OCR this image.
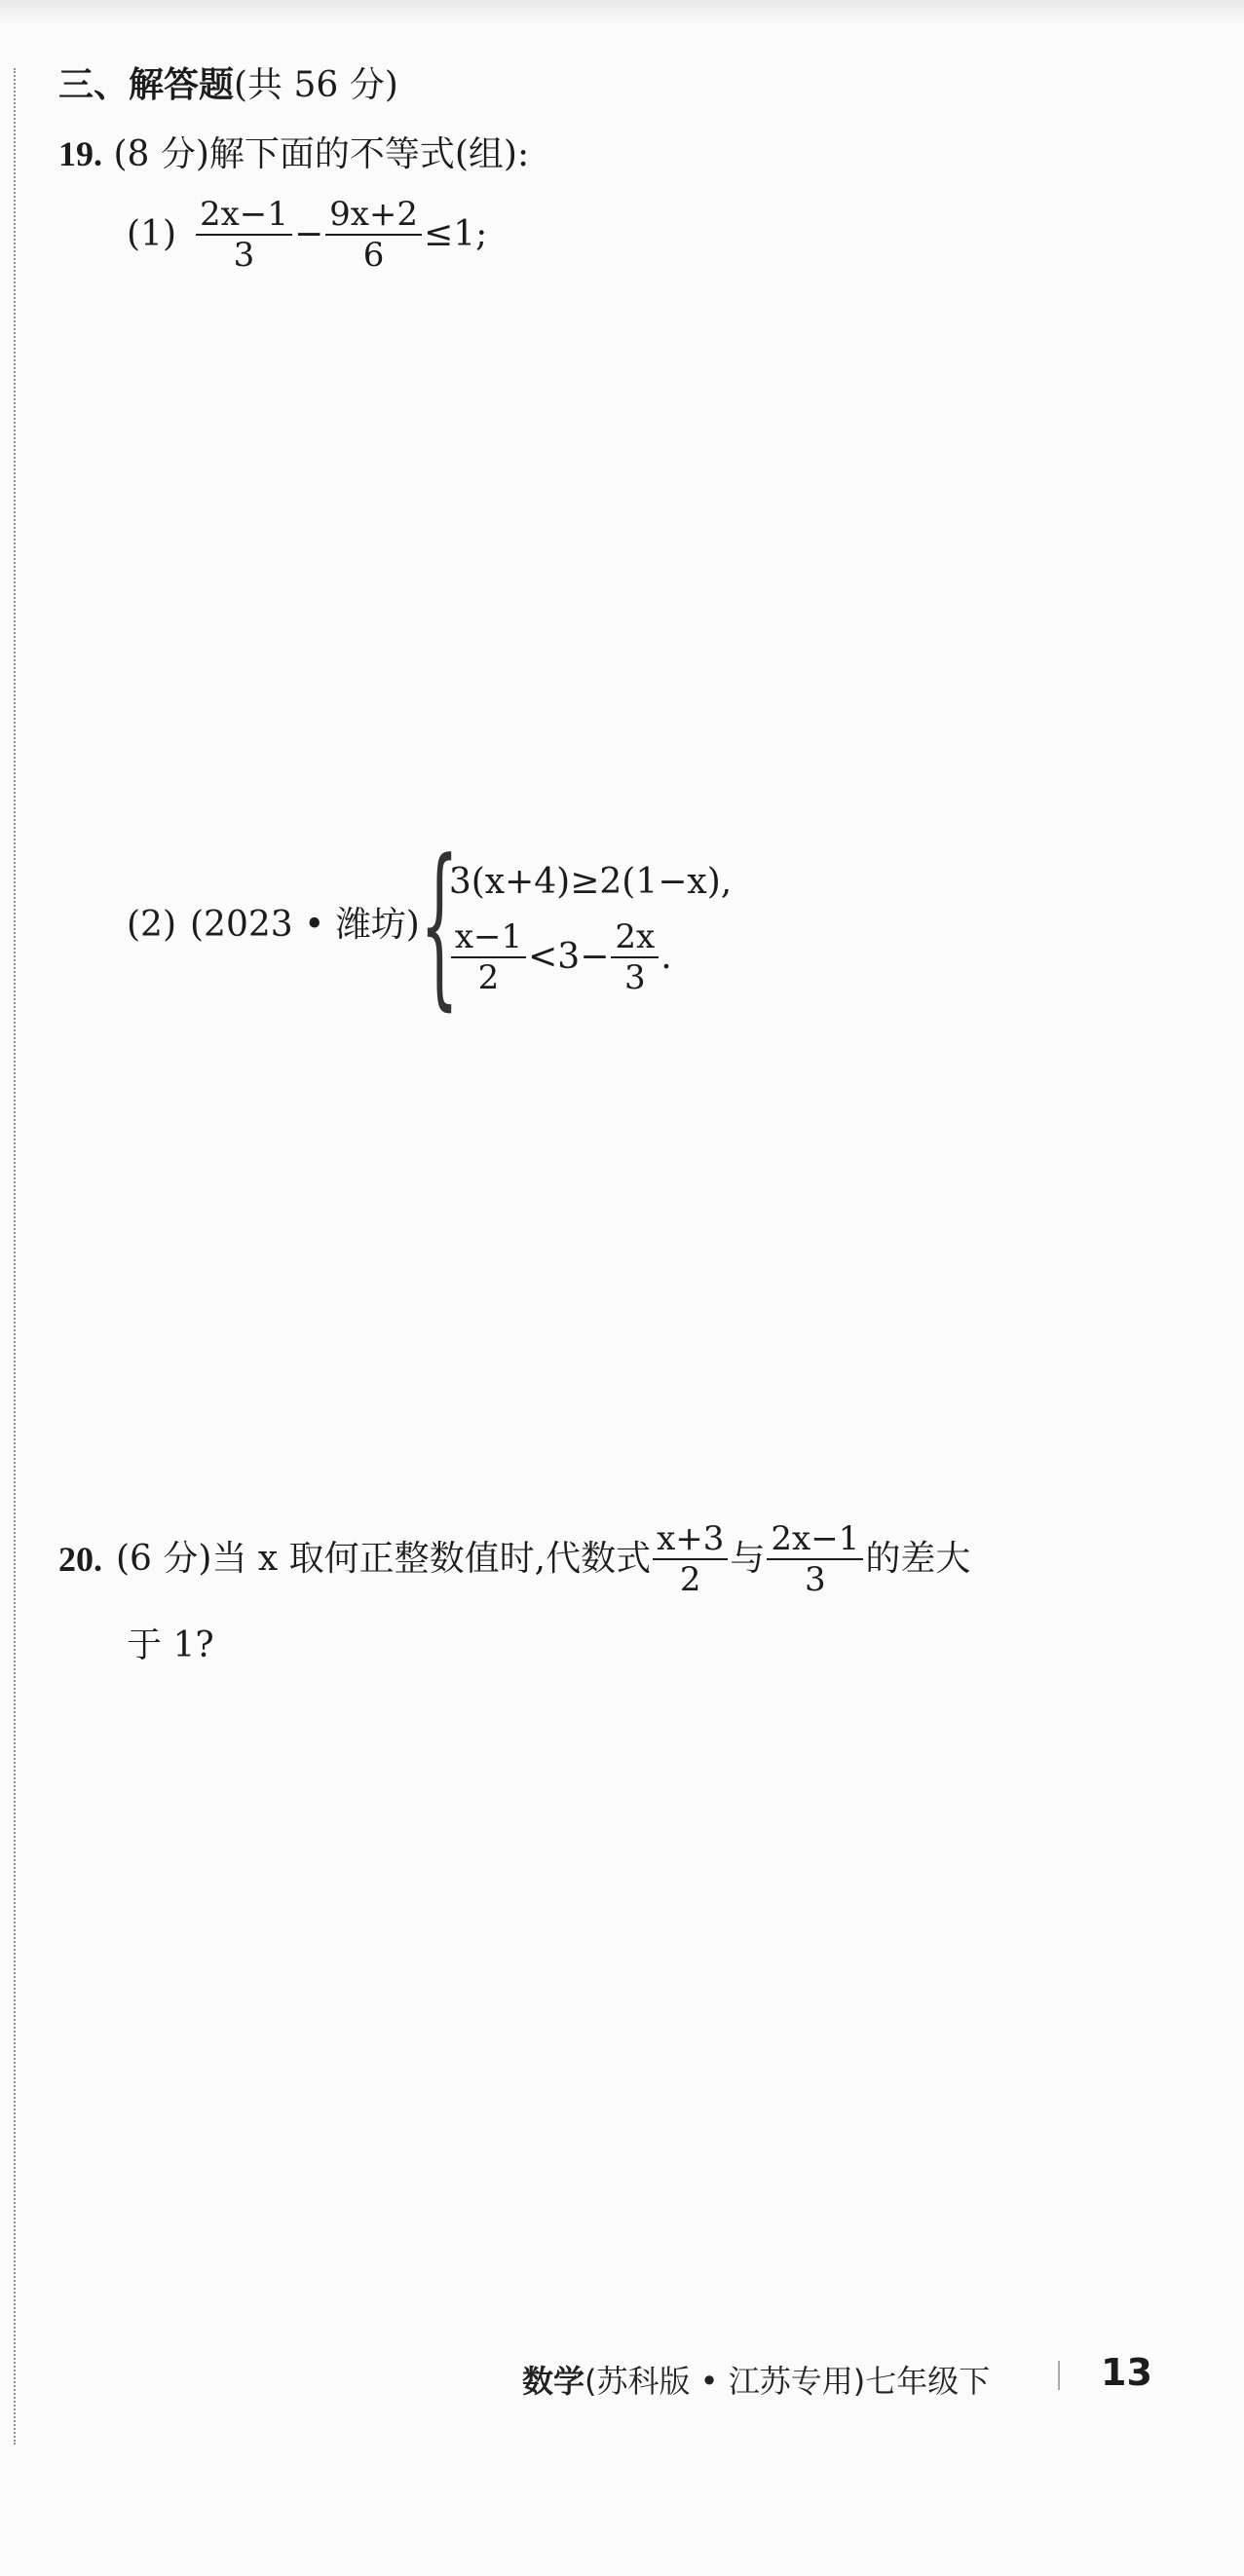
三、解答题(共 56 分)
19. (8 分)解下面的不等式(组):
$(1) \frac{2x-1}{3} - \frac{9x+2}{6} \le 1$;
(2) (2023 • 潍坊) {
3(x+4)≥2(1−x),
$\frac{x-1}{2} <3- \frac{2x}{3}$ .
20. (6 分)当 x 取何正整数值时,代数式 $\frac{x+3}{2}$ 与 $\frac{2x-1}{3}$ 的差大
于 1?
数学(苏科版 • 江苏专用)七年级下	13
